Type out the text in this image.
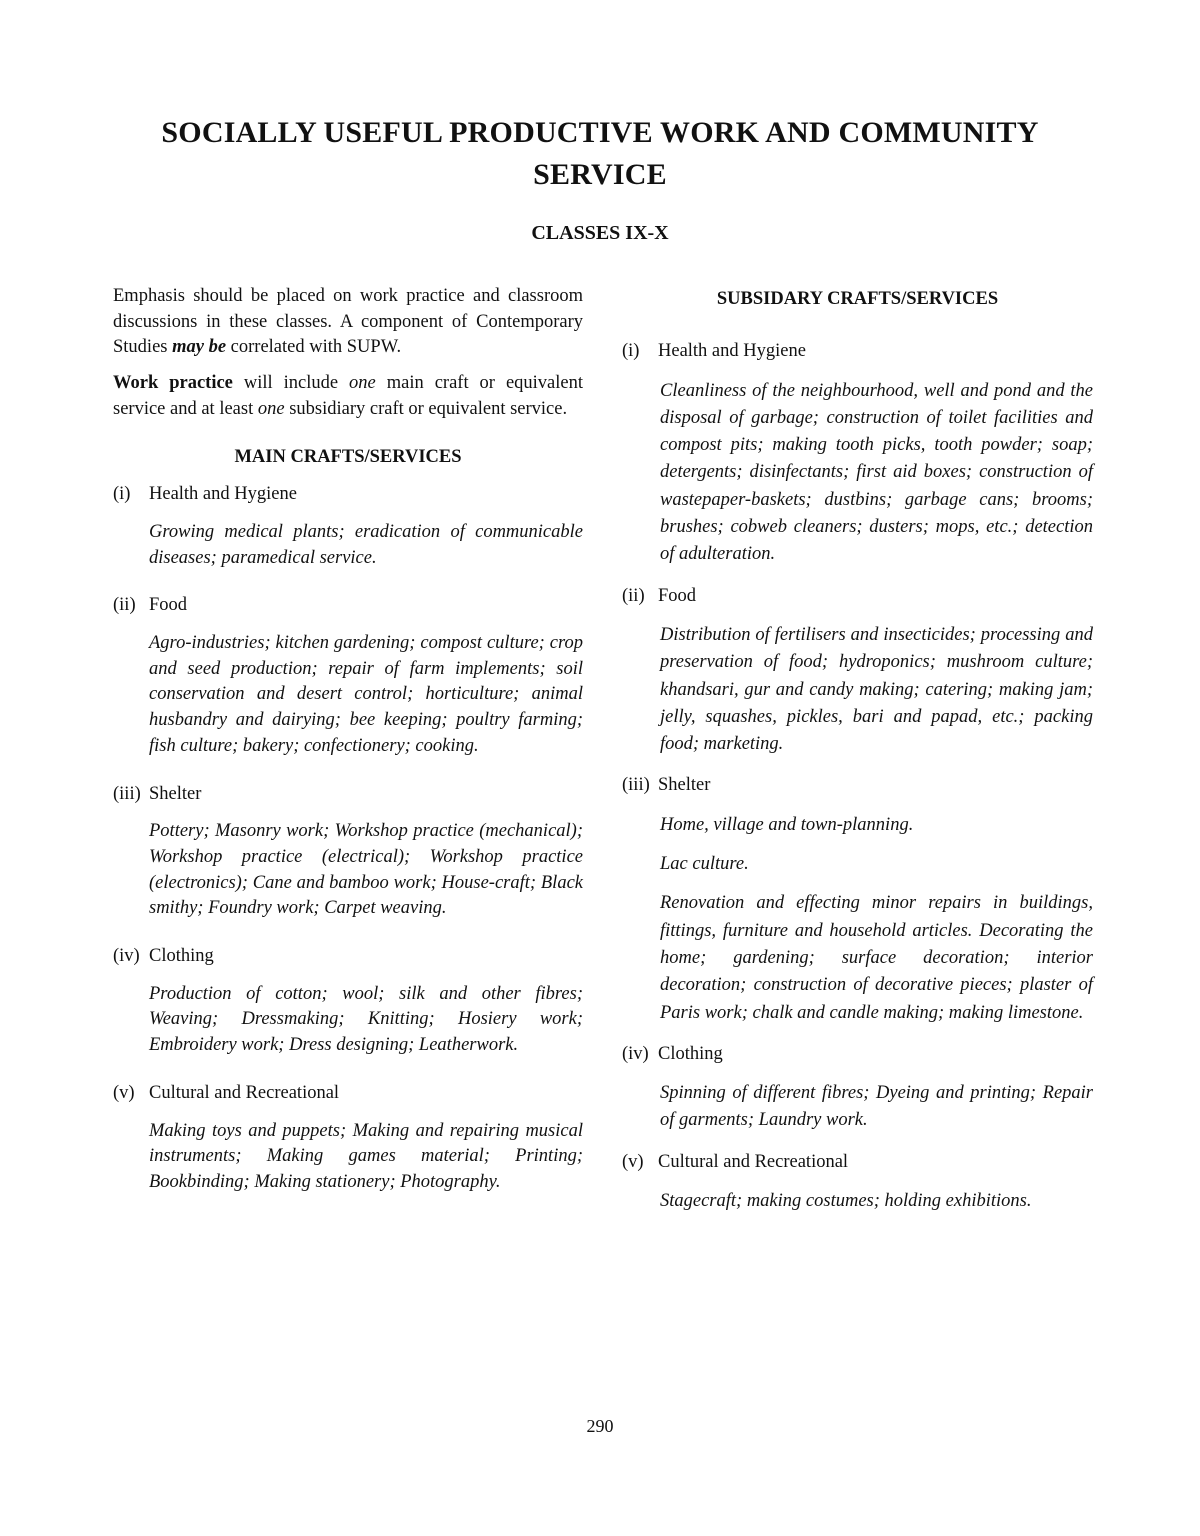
SOCIALLY USEFUL PRODUCTIVE WORK AND COMMUNITY SERVICE
CLASSES IX-X

Emphasis should be placed on work practice and classroom discussions in these classes. A component of Contemporary Studies may be correlated with SUPW.

Work practice will include one main craft or equivalent service and at least one subsidiary craft or equivalent service.

MAIN CRAFTS/SERVICES

(i)	Health and Hygiene

Growing medical plants; eradication of communicable diseases; paramedical service.

(ii) Food

Agro-industries; kitchen gardening; compost culture; crop and seed production; repair of farm implements; soil conservation and desert control; horticulture; animal husbandry and dairying; bee keeping; poultry farming; fish culture; bakery; confectionery; cooking.

(iii) Shelter

Pottery; Masonry work; Workshop practice (mechanical); Workshop practice (electrical); Workshop practice (electronics); Cane and bamboo work; House-craft; Black smithy; Foundry work; Carpet weaving.

(iv) Clothing

Production of cotton; wool; silk and other fibres; Weaving; Dressmaking; Knitting; Hosiery work; Embroidery work; Dress designing; Leatherwork.

(v) Cultural and Recreational

Making toys and puppets; Making and repairing musical instruments; Making games material; Printing; Bookbinding; Making stationery; Photography.

SUBSIDARY CRAFTS/SERVICES

(i)	Health and Hygiene

Cleanliness of the neighbourhood, well and pond and the disposal of garbage; construction of toilet facilities and compost pits; making tooth picks, tooth powder; soap; detergents; disinfectants; first aid boxes; construction of wastepaper-baskets; dustbins; garbage cans; brooms; brushes; cobweb cleaners; dusters; mops, etc.; detection of adulteration.

(ii) Food

Distribution of fertilisers and insecticides; processing and preservation of food; hydroponics; mushroom culture; khandsari, gur and candy making; catering; making jam; jelly, squashes, pickles, bari and papad, etc.; packing food; marketing.

(iii) Shelter

Home, village and town-planning.

Lac culture.

Renovation and effecting minor repairs in buildings, fittings, furniture and household articles. Decorating the home; gardening; surface decoration; interior decoration; construction of decorative pieces; plaster of Paris work; chalk and candle making; making limestone.

(iv) Clothing

Spinning of different fibres; Dyeing and printing; Repair of garments; Laundry work.

(v) Cultural and Recreational

Stagecraft; making costumes; holding exhibitions.

290
